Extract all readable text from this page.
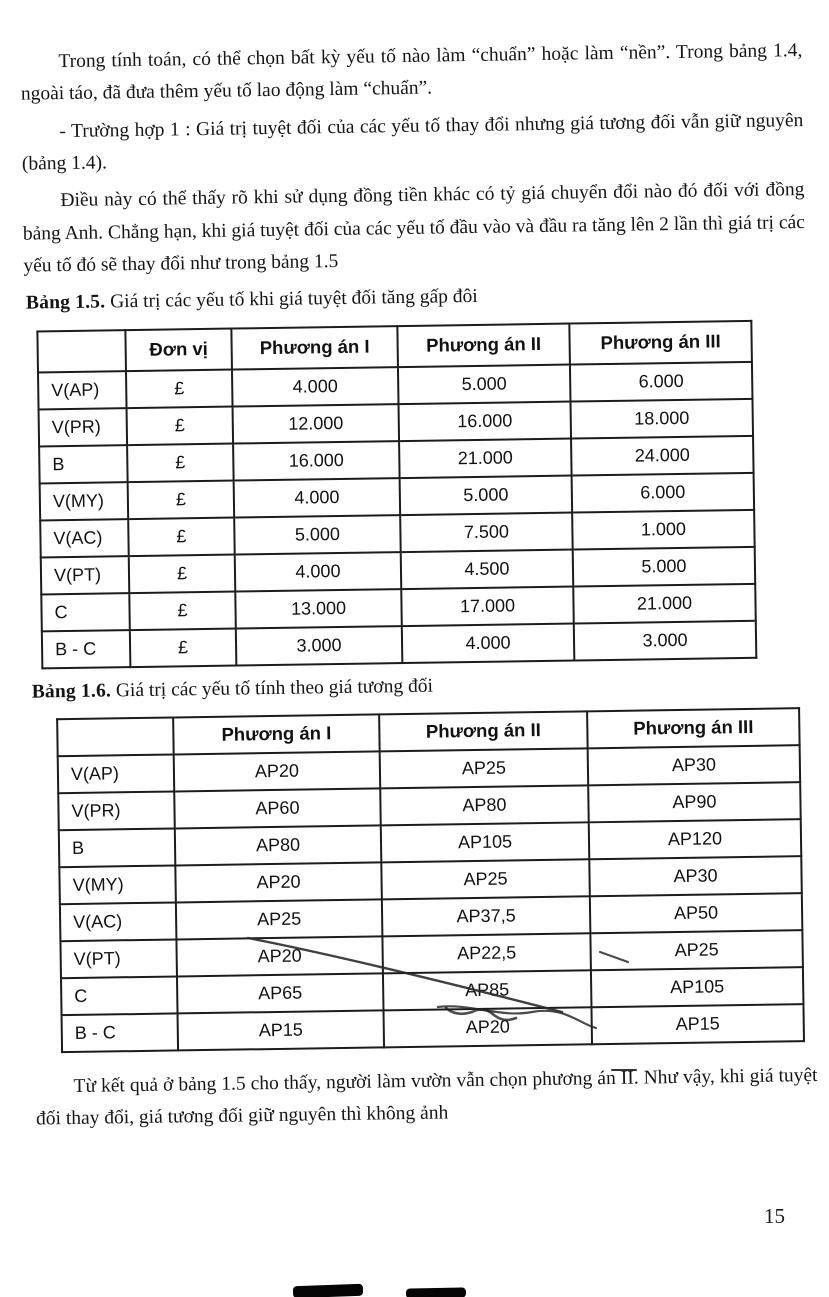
Trong tính toán, có thể chọn bất kỳ yếu tố nào làm “chuẩn” hoặc làm “nền”. Trong bảng 1.4, ngoài táo, đã đưa thêm yếu tố lao động làm “chuẩn”.

- Trường hợp 1 : Giá trị tuyệt đối của các yếu tố thay đổi nhưng giá tương đối vẫn giữ nguyên (bảng 1.4).

Điều này có thể thấy rõ khi sử dụng đồng tiền khác có tỷ giá chuyển đổi nào đó đối với đồng bảng Anh. Chẳng hạn, khi giá tuyệt đối của các yếu tố đầu vào và đầu ra tăng lên 2 lần thì giá trị các yếu tố đó sẽ thay đổi như trong bảng 1.5

Bảng 1.5. Giá trị các yếu tố khi giá tuyệt đối tăng gấp đôi

	Đơn vị	Phương án I	Phương án II	Phương án III
V(AP)	£	4.000	5.000	6.000
V(PR)	£	12.000	16.000	18.000
B	£	16.000	21.000	24.000
V(MY)	£	4.000	5.000	6.000
V(AC)	£	5.000	7.500	1.000
V(PT)	£	4.000	4.500	5.000
C	£	13.000	17.000	21.000
B - C	£	3.000	4.000	3.000

Bảng 1.6. Giá trị các yếu tố tính theo giá tương đối

	Phương án I	Phương án II	Phương án III
V(AP)	AP20	AP25	AP30
V(PR)	AP60	AP80	AP90
B	AP80	AP105	AP120
V(MY)	AP20	AP25	AP30
V(AC)	AP25	AP37,5	AP50
V(PT)	AP20	AP22,5	AP25
C	AP65	AP85	AP105
B - C	AP15	AP20	AP15

Từ kết quả ở bảng 1.5 cho thấy, người làm vườn vẫn chọn phương án II. Như vậy, khi giá tuyệt đối thay đổi, giá tương đối giữ nguyên thì không ảnh

15
